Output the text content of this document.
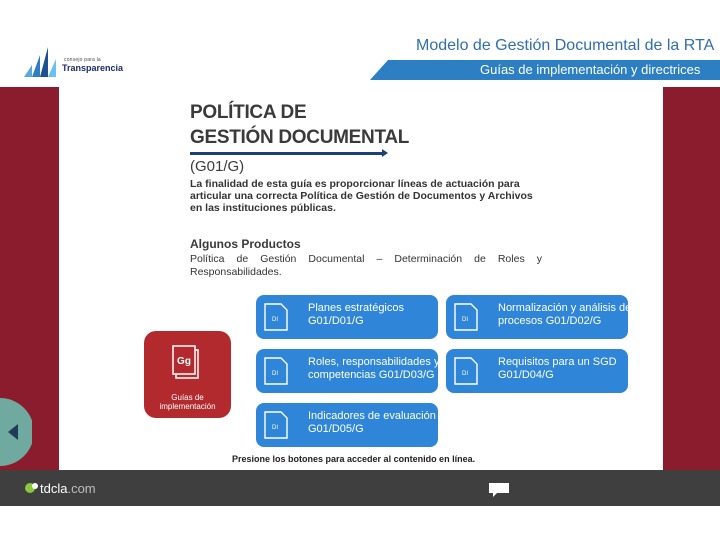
consejo para la
Transparencia
Modelo de Gestión Documental de la RTA
Guías de implementación y directrices
POLÍTICA DE
GESTIÓN DOCUMENTAL
(G01/G)
La finalidad de esta guía es proporcionar líneas de actuación para articular una correcta Política de Gestión de Documentos y Archivos en las instituciones públicas.
Algunos Productos
Política de Gestión Documental – Determinación de Roles y Responsabilidades.
Gg
Guías de
implementación
DI
Planes estratégicos
G01/D01/G	DI
Normalización y análisis de
procesos G01/D02/G
DI
Roles, responsabilidades y
competencias G01/D03/G	DI
Requisitos para un SGD
G01/D04/G
DI
Indicadores de evaluación
G01/D05/G
Presione los botones para acceder al contenido en línea.
tdcla.com
